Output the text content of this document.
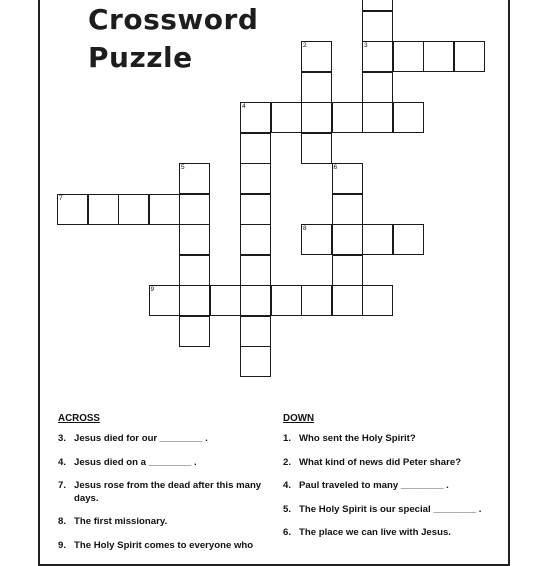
Crossword
Puzzle	3
4
7
8
9
2
5	6
ACROSS
3. Jesus died for our ________ .
4. Jesus died on a ________ .
7. Jesus rose from the dead after this many days.
8. The first missionary.
9. The Holy Spirit comes to everyone who
DOWN
1. Who sent the Holy Spirit?
2. What kind of news did Peter share?
4. Paul traveled to many ________ .
5. The Holy Spirit is our special ________ .
6. The place we can live with Jesus.
